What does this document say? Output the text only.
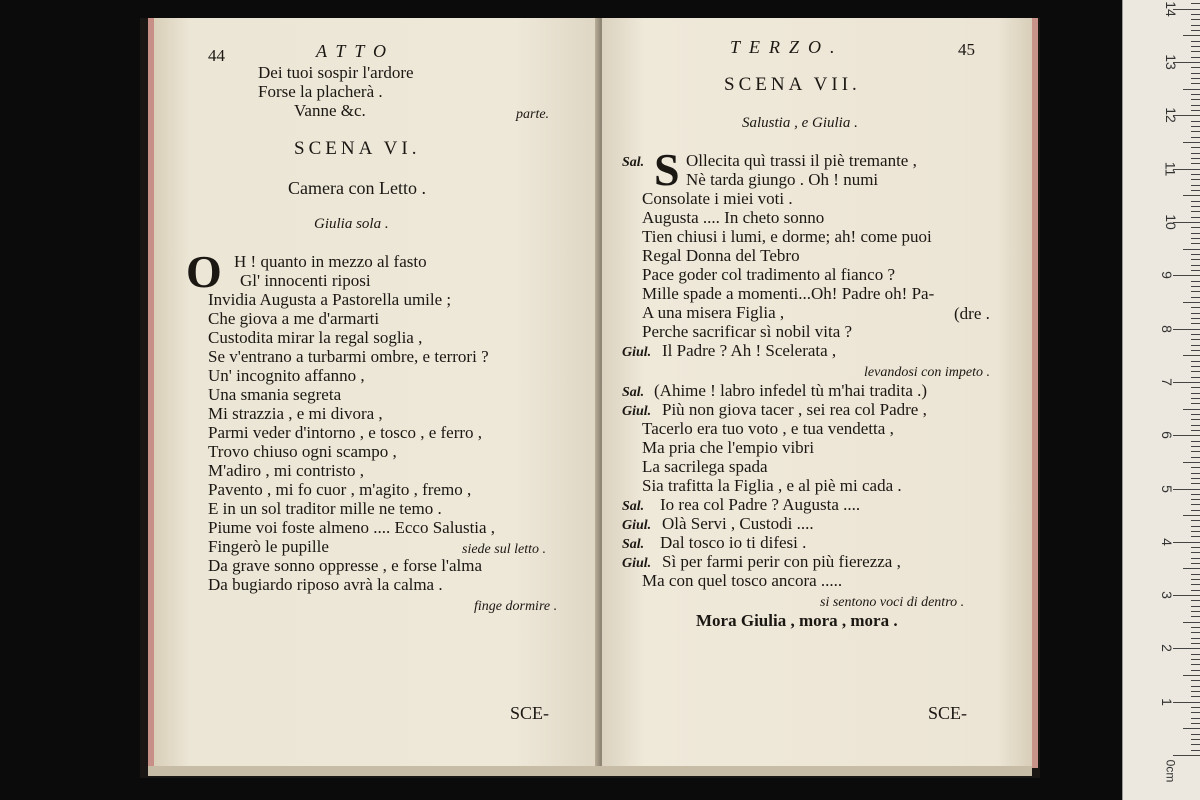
44	ATTO
Dei tuoi sospir l'ardore
Forse la placherà .
Vanne &c.	parte.
SCENA VI.
Camera con Letto .
Giulia sola .
O H ! quanto in mezzo al fasto
Gl' innocenti riposi
Invidia Augusta a Pastorella umile ;
Che giova a me d'armarti
Custodita mirar la regal soglia ,
Se v'entrano a turbarmi ombre, e terrori ?
Un' incognito affanno ,
Una smania segreta
Mi strazzia , e mi divora ,
Parmi veder d'intorno , e tosco , e ferro ,
Trovo chiuso ogni scampo ,
M'adiro , mi contristo ,
Pavento , mi fo cuor , m'agito , fremo ,
E in un sol traditor mille ne temo .
Piume voi foste almeno .... Ecco Salustia ,
Fingerò le pupille	siede sul letto .
Da grave sonno oppresse , e forse l'alma
Da bugiardo riposo avrà la calma .
finge dormire .
SCE-
TERZO.	45
SCENA VII.
Salustia , e Giulia .
Sal. S Ollecita quì trassi il piè tremante ,
Nè tarda giungo . Oh ! numi
Consolate i miei voti .
Augusta .... In cheto sonno
Tien chiusi i lumi, e dorme; ah! come puoi
Regal Donna del Tebro
Pace goder col tradimento al fianco ?
Mille spade a momenti...Oh! Padre oh! Pa-
A una misera Figlia ,	(dre .
Perche sacrificar sì nobil vita ?
Giul. Il Padre ? Ah ! Scelerata ,
levandosi con impeto .
Sal. (Ahime ! labro infedel tù m'hai tradita .)
Giul. Più non giova tacer , sei rea col Padre ,
Tacerlo era tuo voto , e tua vendetta ,
Ma pria che l'empio vibri
La sacrilega spada
Sia trafitta la Figlia , e al piè mi cada .
Sal. Io rea col Padre ? Augusta ....
Giul. Olà Servi , Custodi ....
Sal. Dal tosco io ti difesi .
Giul. Sì per farmi perir con più fierezza ,
Ma con quel tosco ancora .....
si sentono voci di dentro .
Mora Giulia , mora , mora .
SCE-
0cm
14
13
12
11
10
9
8
7
6
5
4
3
2
1
